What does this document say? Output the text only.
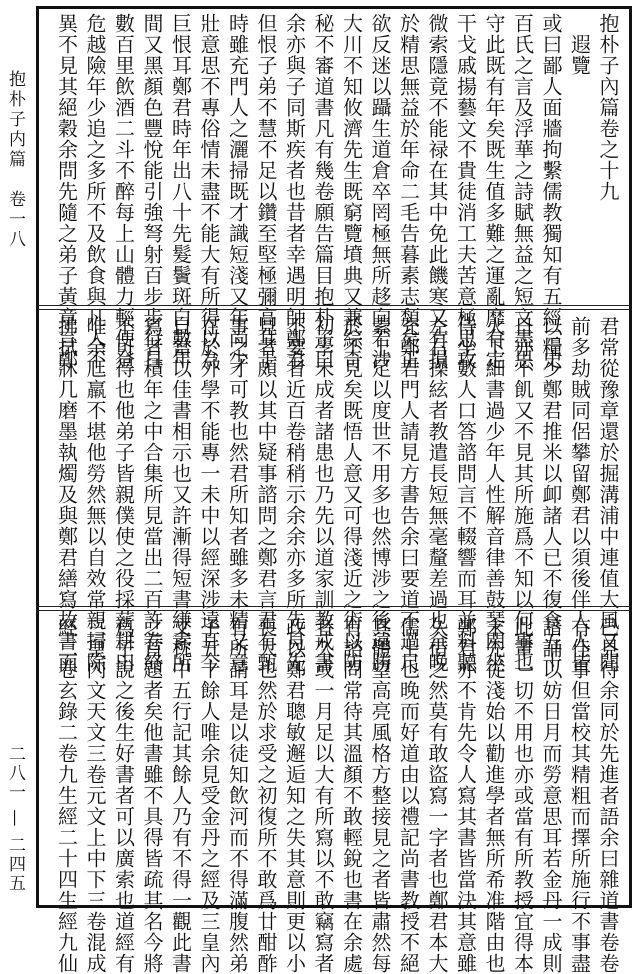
抱朴子内篇　卷一八
二八一 — 二四五
抱朴子內篇卷之十九
　遐覽
或曰鄙人面牆拘繫儒教獨知有五經三史
百氏之言及浮華之詩賦無益之短文盡思
守此既有年矣既生值多難之運亂靡有定
干戈戚揚藝文不貴徒消工夫苦意極思攻
微索隱竟不能禄在其中免此饑寒又有損
於精思無益於年命二毛告暮素志頽矣正
欲反迷以躡生道倉卒罔極無所趍向若涉
大川不知攸濟先生既窮覽墳典又兼綜奇
秘不審道書凡有幾卷願告篇目抱朴子曰
余亦與子同斯疾者也昔者幸遇明師鄭君
但恨子弟不慧不足以鑽至堅極彌高耳于
時雖充門人之灑掃既才識短淺又年尚少
壯意思不專俗情未盡不能大有所得以為
巨恨耳鄭君時年出八十先髮鬢斑白數年
間又黑顏色豐悅能引強弩射百步步行日
數百里飲酒二斗不醉每上山體力輕便登
危越險年少追之多所不及飲食與凡人不
異不見其絕穀余問先隨之弟子黃章言鄭
君常從豫章還於掘溝浦中連值大風又聞
前多劫賊同侶攀留鄭君以須後伴人人皆
以糧少鄭君推米以卹諸人已不復食五十
日亦不飢又不見其所施爲不知以何事也
火下細書過少年人性解音律善鼓琴閑坐
侍坐數人口答諮問言不輟響而耳並料聽
左右操絃者教遣長短無毫釐差過也余晚
充鄭君門人請見方書告余曰要道不過尺
素上足以度世不用多也然博涉之後遠勝
於不見矣既悟人意又可得淺近之術以防
初學未成者諸患也乃先以道家訓教戒書
不要者近百卷稍稍示余余亦多所先見先
見者頗以其中疑事諮問之鄭君言君有甄
事之才可教也然君所知者雖多未精又意
在於外學不能專一未中以經深涉遠耳今
自當以佳書相示也又許漸得短書縑素所
寫者積年之中合集所見當出二百許卷終
不可得也他弟子皆親僕使之役採薪耕田
唯余尫羸不堪他勞然無以自效常親掃除
拂拭牀几磨墨執燭及與鄭君繕寫故書而
已見待余同於先進者語余曰雜道書卷卷
有佳事但當校其精粗而擇所施行不事盡
諳誦以妨日月而勞意思耳若金丹一成則
此輩一切不用也亦或當有所教授宜得本
末先從淺始以勸進學者無所希准階由也
鄭君亦不肯先令人寫其書皆當決其意雖
久借之然莫有敢盜寫一字者也鄭君本大
儒士也晚而好道由以禮記尚書教授不絕
其體望高亮風格方整接見之者皆肅然每
有諮問常待其溫顏不敢輕銳也書在余處
者久或一月足以大有所寫以不敢竊寫者
政以鄭君聰敏邂逅知之失其意則更以小
喪大也然於求受之初復所不敢爲廿酣酢
有所請耳是以徒知飲河而不得滿腹然弟
子五十餘人唯余見受金丹之經及三皇內
文枕中五行記其餘人乃有不得一觀此書
之首題者矣他書雖不具得皆疏其名今將
爲子說之後生好書者可以廣索也道經有
三皇內文天文三卷元文上中下三卷混成
經二卷玄錄二卷九生經二十四生經九仙
